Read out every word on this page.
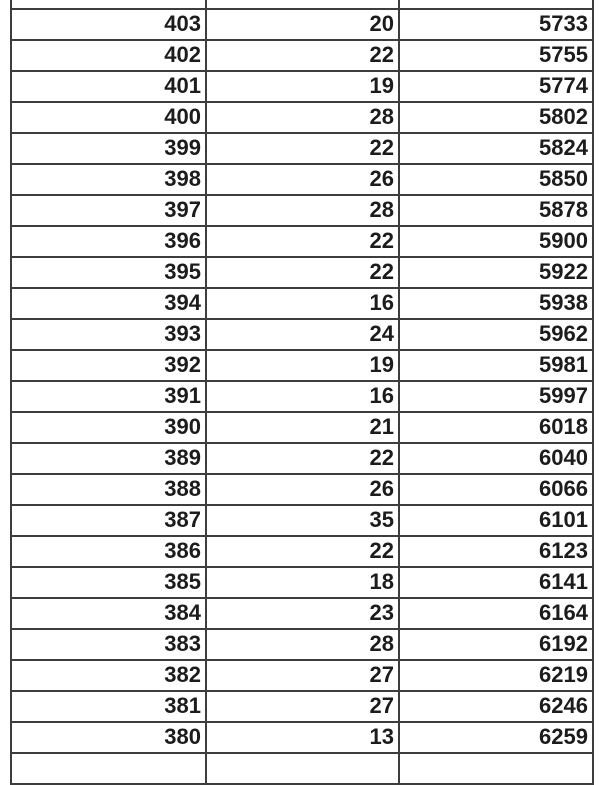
403	20	5733
402	22	5755
401	19	5774
400	28	5802
399	22	5824
398	26	5850
397	28	5878
396	22	5900
395	22	5922
394	16	5938
393	24	5962
392	19	5981
391	16	5997
390	21	6018
389	22	6040
388	26	6066
387	35	6101
386	22	6123
385	18	6141
384	23	6164
383	28	6192
382	27	6219
381	27	6246
380	13	6259
